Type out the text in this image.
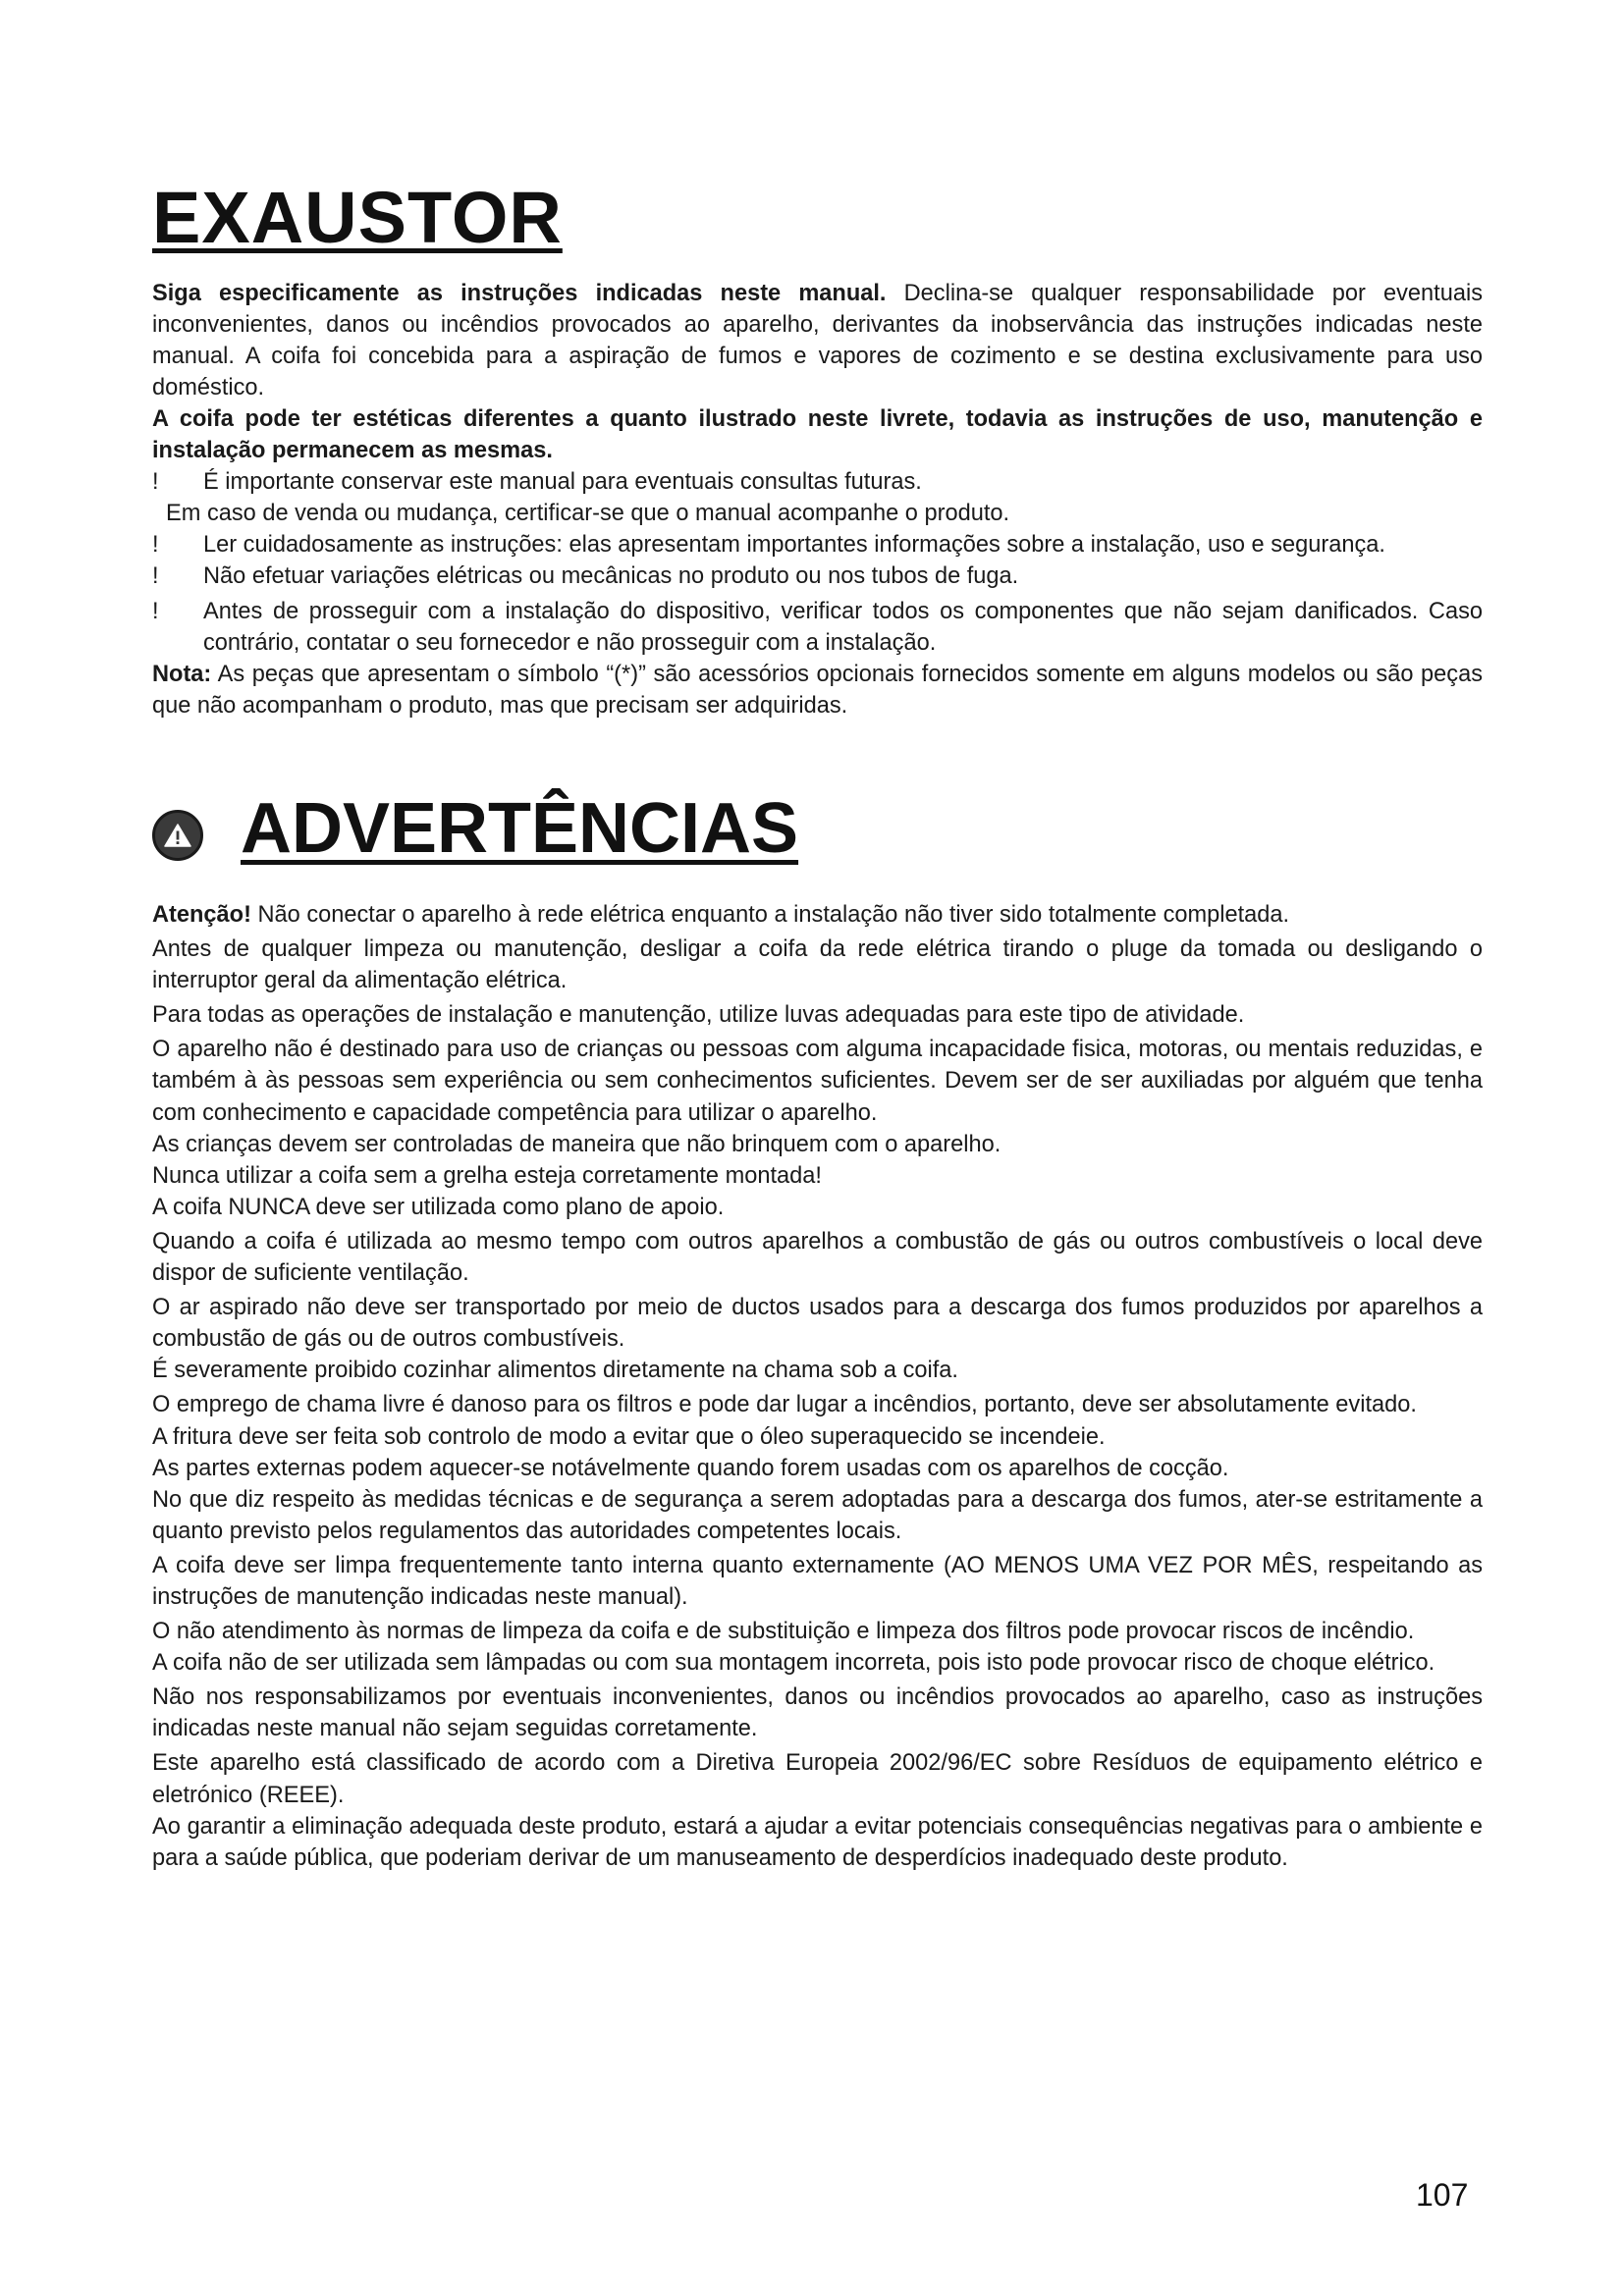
EXAUSTOR

Siga especificamente as instruções indicadas neste manual. Declina-se qualquer responsabilidade por eventuais inconvenientes, danos ou incêndios provocados ao aparelho, derivantes da inobservância das instruções indicadas neste manual. A coifa foi concebida para a aspiração de fumos e vapores de cozimento e se destina exclusivamente para uso doméstico.

A coifa pode ter estéticas diferentes a quanto ilustrado neste livrete, todavia as instruções de uso, manutenção e instalação permanecem as mesmas.

!	É importante conservar este manual para eventuais consultas futuras.

Em caso de venda ou mudança, certificar-se que o manual acompanhe o produto.

!	Ler cuidadosamente as instruções: elas apresentam importantes informações sobre a instalação, uso e segurança.
!	Não efetuar variações elétricas ou mecânicas no produto ou nos tubos de fuga.
!	Antes de prosseguir com a instalação do dispositivo, verificar todos os componentes que não sejam danificados. Caso contrário, contatar o seu fornecedor e não prosseguir com a instalação.

Nota: As peças que apresentam o símbolo “(*)” são acessórios opcionais fornecidos somente em alguns modelos ou são peças que não acompanham o produto, mas que precisam ser adquiridas.

ADVERTÊNCIAS

Atenção! Não conectar o aparelho à rede elétrica enquanto a instalação não tiver sido totalmente completada.

Antes de qualquer limpeza ou manutenção, desligar a coifa da rede elétrica tirando o pluge da tomada ou desligando o interruptor geral da alimentação elétrica.

Para todas as operações de instalação e manutenção, utilize luvas adequadas para este tipo de atividade.

O aparelho não é destinado para uso de crianças ou pessoas com alguma incapacidade fisica, motoras, ou mentais reduzidas, e também à às pessoas sem experiência ou sem conhecimentos suficientes. Devem ser de ser auxiliadas por alguém que tenha com conhecimento e capacidade competência para utilizar o aparelho.

As crianças devem ser controladas de maneira que não brinquem com o aparelho.

Nunca utilizar a coifa sem a grelha esteja corretamente montada!

A coifa NUNCA deve ser utilizada como plano de apoio.

Quando a coifa é utilizada ao mesmo tempo com outros aparelhos a combustão de gás ou outros combustíveis o local deve dispor de suficiente ventilação.

O ar aspirado não deve ser transportado por meio de ductos usados para a descarga dos fumos produzidos por aparelhos a combustão de gás ou de outros combustíveis.

É severamente proibido cozinhar alimentos diretamente na chama sob a coifa.

O emprego de chama livre é danoso para os filtros e pode dar lugar a incêndios, portanto, deve ser absolutamente evitado.

A fritura deve ser feita sob controlo de modo a evitar que o óleo superaquecido se incendeie.

As partes externas podem aquecer-se notávelmente quando forem usadas com os aparelhos de cocção.

No que diz respeito às medidas técnicas e de segurança a serem adoptadas para a descarga dos fumos, ater-se estritamente a quanto previsto pelos regulamentos das autoridades competentes locais.

A coifa deve ser limpa frequentemente tanto interna quanto externamente (AO MENOS UMA VEZ POR MÊS, respeitando as instruções de manutenção indicadas neste manual).

O não atendimento às normas de limpeza da coifa e de substituição e limpeza dos filtros pode provocar riscos de incêndio.

A coifa não de ser utilizada sem lâmpadas ou com sua montagem incorreta, pois isto pode provocar risco de choque elétrico.

Não nos responsabilizamos por eventuais inconvenientes, danos ou incêndios provocados ao aparelho, caso as instruções indicadas neste manual não sejam seguidas corretamente.

Este aparelho está classificado de acordo com a Diretiva Europeia 2002/96/EC sobre Resíduos de equipamento elétrico e eletrónico (REEE).

Ao garantir a eliminação adequada deste produto, estará a ajudar a evitar potenciais consequências negativas para o ambiente e para a saúde pública, que poderiam derivar de um manuseamento de desperdícios inadequado deste produto.

107
